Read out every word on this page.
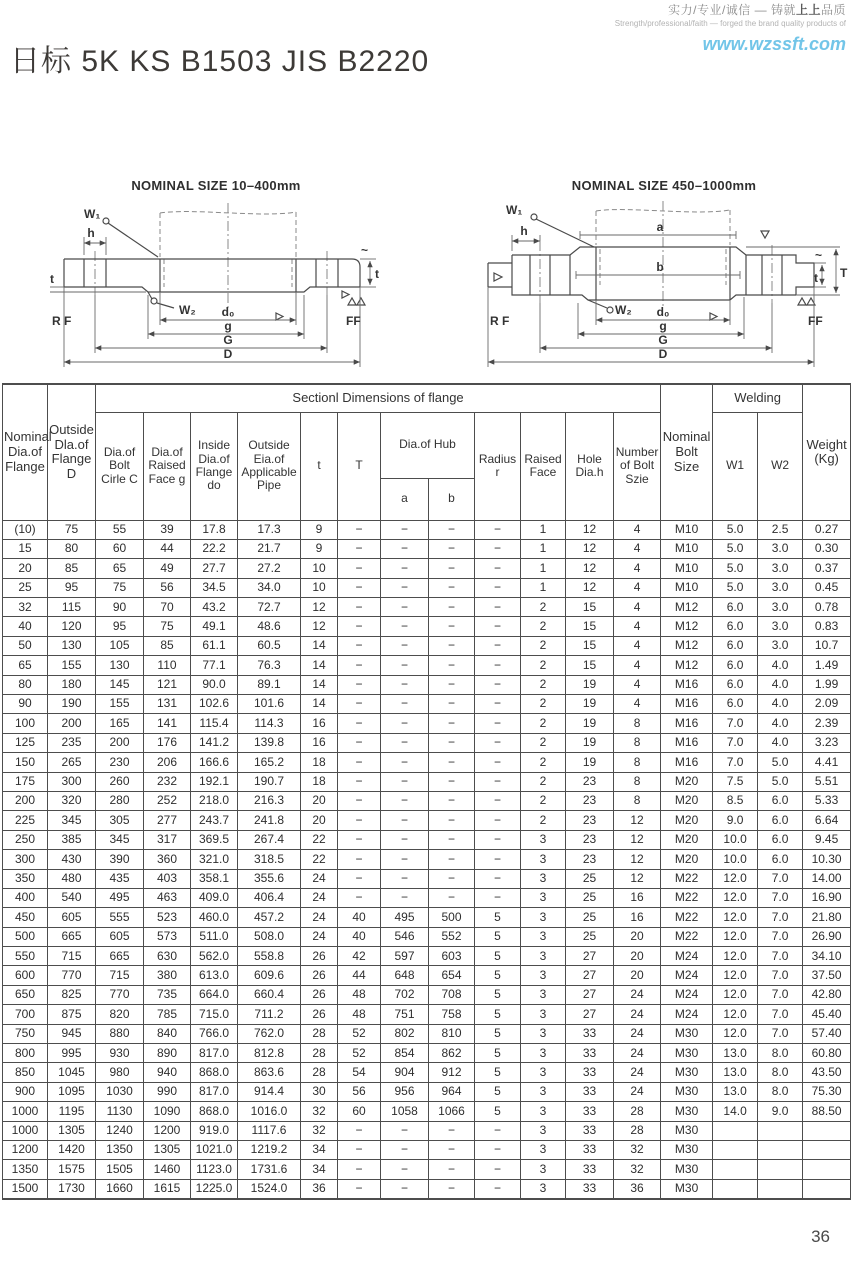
实力/专业/诚信 — 铸就上上品质
Strength/professional/faith — forged the brand quality products of
www.wzssft.com
日标 5K KS B1503 JIS B2220
NOMINAL SIZE 10–400mm
W₁
h
t
R F
W₂ d₀
g
G
D
t
~
FF
NOMINAL SIZE 450–1000mm
W₁
h	a
b
W₂ d₀
g
G
D
t T
~
R F	FF
Nominal Dia.of Flange	Outside Dla.of Flange D	Sectionl Dimensions of flange												Nominal Bolt Size	Welding		Weight (Kg)
		Dia.of Bolt Cirle C	Dia.of Raised Face g	Inside Dia.of Flange do	Outside Eia.of Applicable Pipe	t	T	Dia.of Hub		Radius r	Raised Face	Hole Dia.h	Number of Bolt Szie		W1	W2	
								a	b								
(10)	75	55	39	17.8	17.3	9	−	−	−	−	1	12	4	M10	5.0	2.5	0.27
15	80	60	44	22.2	21.7	9	−	−	−	−	1	12	4	M10	5.0	3.0	0.30
20	85	65	49	27.7	27.2	10	−	−	−	−	1	12	4	M10	5.0	3.0	0.37
25	95	75	56	34.5	34.0	10	−	−	−	−	1	12	4	M10	5.0	3.0	0.45
32	115	90	70	43.2	72.7	12	−	−	−	−	2	15	4	M12	6.0	3.0	0.78
40	120	95	75	49.1	48.6	12	−	−	−	−	2	15	4	M12	6.0	3.0	0.83
50	130	105	85	61.1	60.5	14	−	−	−	−	2	15	4	M12	6.0	3.0	10.7
65	155	130	110	77.1	76.3	14	−	−	−	−	2	15	4	M12	6.0	4.0	1.49
80	180	145	121	90.0	89.1	14	−	−	−	−	2	19	4	M16	6.0	4.0	1.99
90	190	155	131	102.6	101.6	14	−	−	−	−	2	19	4	M16	6.0	4.0	2.09
100	200	165	141	115.4	114.3	16	−	−	−	−	2	19	8	M16	7.0	4.0	2.39
125	235	200	176	141.2	139.8	16	−	−	−	−	2	19	8	M16	7.0	4.0	3.23
150	265	230	206	166.6	165.2	18	−	−	−	−	2	19	8	M16	7.0	5.0	4.41
175	300	260	232	192.1	190.7	18	−	−	−	−	2	23	8	M20	7.5	5.0	5.51
200	320	280	252	218.0	216.3	20	−	−	−	−	2	23	8	M20	8.5	6.0	5.33
225	345	305	277	243.7	241.8	20	−	−	−	−	2	23	12	M20	9.0	6.0	6.64
250	385	345	317	369.5	267.4	22	−	−	−	−	3	23	12	M20	10.0	6.0	9.45
300	430	390	360	321.0	318.5	22	−	−	−	−	3	23	12	M20	10.0	6.0	10.30
350	480	435	403	358.1	355.6	24	−	−	−	−	3	25	12	M22	12.0	7.0	14.00
400	540	495	463	409.0	406.4	24	−	−	−	−	3	25	16	M22	12.0	7.0	16.90
450	605	555	523	460.0	457.2	24	40	495	500	5	3	25	16	M22	12.0	7.0	21.80
500	665	605	573	511.0	508.0	24	40	546	552	5	3	25	20	M22	12.0	7.0	26.90
550	715	665	630	562.0	558.8	26	42	597	603	5	3	27	20	M24	12.0	7.0	34.10
600	770	715	380	613.0	609.6	26	44	648	654	5	3	27	20	M24	12.0	7.0	37.50
650	825	770	735	664.0	660.4	26	48	702	708	5	3	27	24	M24	12.0	7.0	42.80
700	875	820	785	715.0	711.2	26	48	751	758	5	3	27	24	M24	12.0	7.0	45.40
750	945	880	840	766.0	762.0	28	52	802	810	5	3	33	24	M30	12.0	7.0	57.40
800	995	930	890	817.0	812.8	28	52	854	862	5	3	33	24	M30	13.0	8.0	60.80
850	1045	980	940	868.0	863.6	28	54	904	912	5	3	33	24	M30	13.0	8.0	43.50
900	1095	1030	990	817.0	914.4	30	56	956	964	5	3	33	24	M30	13.0	8.0	75.30
1000	1195	1130	1090	868.0	1016.0	32	60	1058	1066	5	3	33	28	M30	14.0	9.0	88.50
1000	1305	1240	1200	919.0	1117.6	32	−	−	−	−	3	33	28	M30			
1200	1420	1350	1305	1021.0	1219.2	34	−	−	−	−	3	33	32	M30			
1350	1575	1505	1460	1123.0	1731.6	34	−	−	−	−	3	33	32	M30			
1500	1730	1660	1615	1225.0	1524.0	36	−	−	−	−	3	33	36	M30			
36
